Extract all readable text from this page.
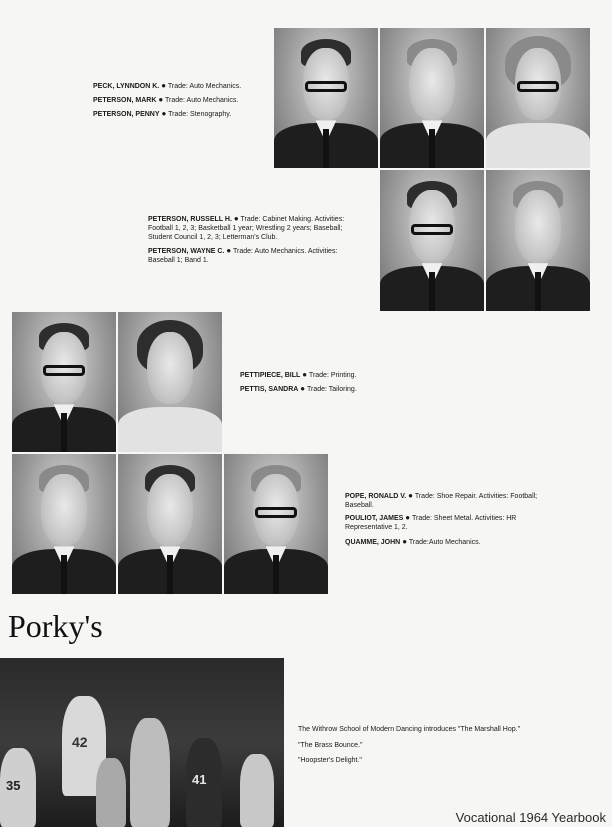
PECK, LYNNDON K. ● Trade: Auto Mechanics.
PETERSON, MARK ● Trade: Auto Mechanics.
PETERSON, PENNY ● Trade: Stenography.
PETERSON, RUSSELL H. ● Trade: Cabinet Making. Activities: Football 1, 2, 3; Basketball 1 year; Wrestling 2 years; Baseball; Student Council 1, 2, 3; Letterman's Club.
PETERSON, WAYNE C. ● Trade: Auto Mechanics. Activities: Baseball 1; Band 1.
PETTIPIECE, BILL ● Trade: Printing.
PETTIS, SANDRA ● Trade: Tailoring.
POPE, RONALD V. ● Trade: Shoe Repair. Activities: Football; Baseball.
POULIOT, JAMES ● Trade: Sheet Metal. Activities: HR Representative 1, 2.
QUAMME, JOHN ● Trade:Auto Mechanics.
Porky's
42
35	41
The Withrow School of Modern Dancing introduces "The Marshall Hop."
"The Brass Bounce."
"Hoopster's Delight."
Vocational 1964 Yearbook
